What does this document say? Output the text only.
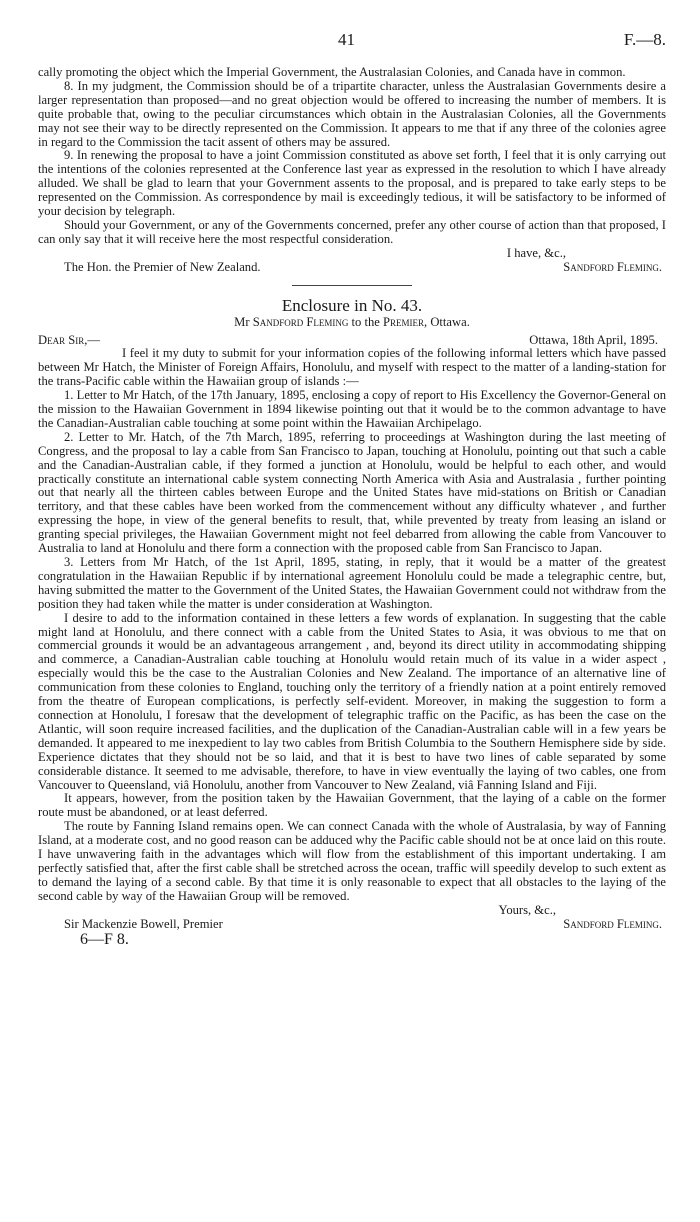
41	F.—8.

cally promoting the object which the Imperial Government, the Australasian Colonies, and Canada have in common.

8. In my judgment, the Commission should be of a tripartite character, unless the Australasian Governments desire a larger representation than proposed—and no great objection would be offered to increasing the number of members. It is quite probable that, owing to the peculiar circumstances which obtain in the Australasian Colonies, all the Governments may not see their way to be directly represented on the Commission. It appears to me that if any three of the colonies agree in regard to the Commission the tacit assent of others may be assured.

9. In renewing the proposal to have a joint Commission constituted as above set forth, I feel that it is only carrying out the intentions of the colonies represented at the Conference last year as expressed in the resolution to which I have already alluded. We shall be glad to learn that your Government assents to the proposal, and is prepared to take early steps to be represented on the Commission. As correspondence by mail is exceedingly tedious, it will be satisfactory to be informed of your decision by telegraph.

Should your Government, or any of the Governments concerned, prefer any other course of action than that proposed, I can only say that it will receive here the most respectful consideration.

I have, &c.,

The Hon. the Premier of New Zealand.	Sandford Fleming.
Enclosure in No. 43.
Mr Sandford Fleming to the Premier, Ottawa.
Dear Sir,—	Ottawa, 18th April, 1895.

I feel it my duty to submit for your information copies of the following informal letters which have passed between Mr Hatch, the Minister of Foreign Affairs, Honolulu, and myself with respect to the matter of a landing-station for the trans-Pacific cable within the Hawaiian group of islands :—

1. Letter to Mr Hatch, of the 17th January, 1895, enclosing a copy of report to His Excellency the Governor-General on the mission to the Hawaiian Government in 1894 likewise pointing out that it would be to the common advantage to have the Canadian-Australian cable touching at some point within the Hawaiian Archipelago.

2. Letter to Mr. Hatch, of the 7th March, 1895, referring to proceedings at Washington during the last meeting of Congress, and the proposal to lay a cable from San Francisco to Japan, touching at Honolulu, pointing out that such a cable and the Canadian-Australian cable, if they formed a junction at Honolulu, would be helpful to each other, and would practically constitute an international cable system connecting North America with Asia and Australasia , further pointing out that nearly all the thirteen cables between Europe and the United States have mid-stations on British or Canadian territory, and that these cables have been worked from the commencement without any difficulty whatever , and further expressing the hope, in view of the general benefits to result, that, while prevented by treaty from leasing an island or granting special privileges, the Hawaiian Government might not feel debarred from allowing the cable from Vancouver to Australia to land at Honolulu and there form a connection with the proposed cable from San Francisco to Japan.

3. Letters from Mr Hatch, of the 1st April, 1895, stating, in reply, that it would be a matter of the greatest congratulation in the Hawaiian Republic if by international agreement Honolulu could be made a telegraphic centre, but, having submitted the matter to the Government of the United States, the Hawaiian Government could not withdraw from the position they had taken while the matter is under consideration at Washington.

I desire to add to the information contained in these letters a few words of explanation. In suggesting that the cable might land at Honolulu, and there connect with a cable from the United States to Asia, it was obvious to me that on commercial grounds it would be an advantageous arrangement , and, beyond its direct utility in accommodating shipping and commerce, a Canadian-Australian cable touching at Honolulu would retain much of its value in a wider aspect , especially would this be the case to the Australian Colonies and New Zealand. The importance of an alternative line of communication from these colonies to England, touching only the territory of a friendly nation at a point entirely removed from the theatre of European complications, is perfectly self-evident. Moreover, in making the suggestion to form a connection at Honolulu, I foresaw that the development of telegraphic traffic on the Pacific, as has been the case on the Atlantic, will soon require increased facilities, and the duplication of the Canadian-Australian cable will in a few years be demanded. It appeared to me inexpedient to lay two cables from British Columbia to the Southern Hemisphere side by side. Experience dictates that they should not be so laid, and that it is best to have two lines of cable separated by some considerable distance. It seemed to me advisable, therefore, to have in view eventually the laying of two cables, one from Vancouver to Queensland, viâ Honolulu, another from Vancouver to New Zealand, viâ Fanning Island and Fiji.

It appears, however, from the position taken by the Hawaiian Government, that the laying of a cable on the former route must be abandoned, or at least deferred.

The route by Fanning Island remains open. We can connect Canada with the whole of Australasia, by way of Fanning Island, at a moderate cost, and no good reason can be adduced why the Pacific cable should not be at once laid on this route. I have unwavering faith in the advantages which will flow from the establishment of this important undertaking. I am perfectly satisfied that, after the first cable shall be stretched across the ocean, traffic will speedily develop to such extent as to demand the laying of a second cable. By that time it is only reasonable to expect that all obstacles to the laying of the second cable by way of the Hawaiian Group will be removed.

Yours, &c.,

Sir Mackenzie Bowell, Premier	Sandford Fleming.
6—F 8.
